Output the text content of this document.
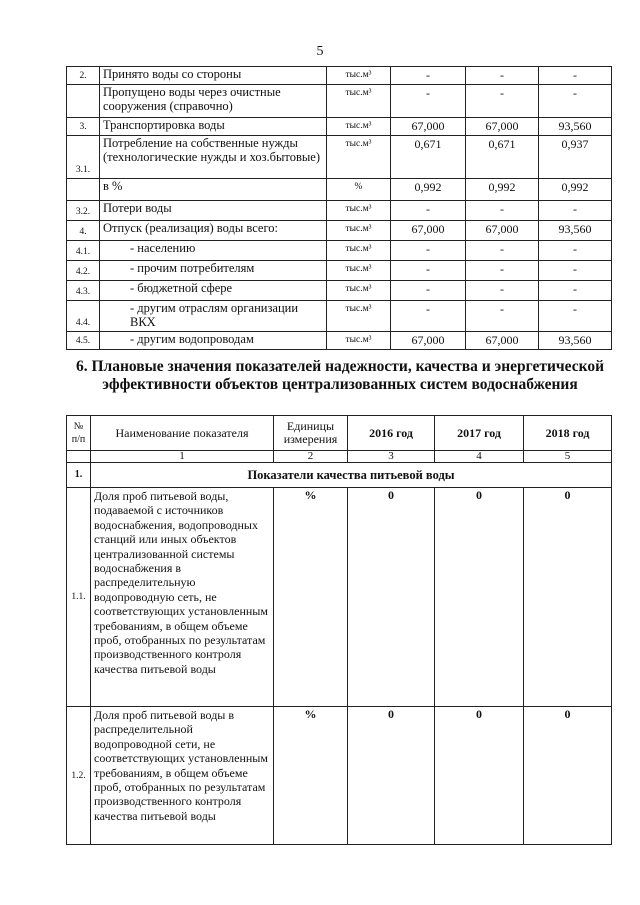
5
2.	Принято воды со стороны	тыс.м³	-	-	-
	Пропущено воды через очистные сооружения (справочно)	тыс.м³	-	-	-
3.	Транспортировка воды	тыс.м³	67,000	67,000	93,560
3.1.	Потребление на собственные нужды (технологические нужды и хоз.бытовые)	тыс.м³	0,671	0,671	0,937
	в %	%	0,992	0,992	0,992
3.2.	Потери воды	тыс.м³	-	-	-
4.	Отпуск (реализация) воды всего:	тыс.м³	67,000	67,000	93,560
4.1.	- населению	тыс.м³	-	-	-
4.2.	- прочим потребителям	тыс.м³	-	-	-
4.3.	- бюджетной сфере	тыс.м³	-	-	-
4.4.	- другим отраслям организации ВКХ	тыс.м³	-	-	-
4.5.	- другим водопроводам	тыс.м³	67,000	67,000	93,560
6. Плановые значения показателей надежности, качества и энергетической эффективности объектов централизованных систем водоснабжения
№ п/п	Наименование показателя	Единицы измерения	2016 год	2017 год	2018 год
	1	2	3	4	5
1.	Показатели качества питьевой воды				
1.1.	Доля проб питьевой воды, подаваемой с источников водоснабжения, водопроводных станций или иных объектов централизованной системы водоснабжения в распределительную водопроводную сеть, не соответствующих установленным требованиям, в общем объеме проб, отобранных по результатам производственного контроля качества питьевой воды	%	0	0	0
1.2.	Доля проб питьевой воды в распределительной водопроводной сети, не соответствующих установленным требованиям, в общем объеме проб, отобранных по результатам производственного контроля качества питьевой воды	%	0	0	0
